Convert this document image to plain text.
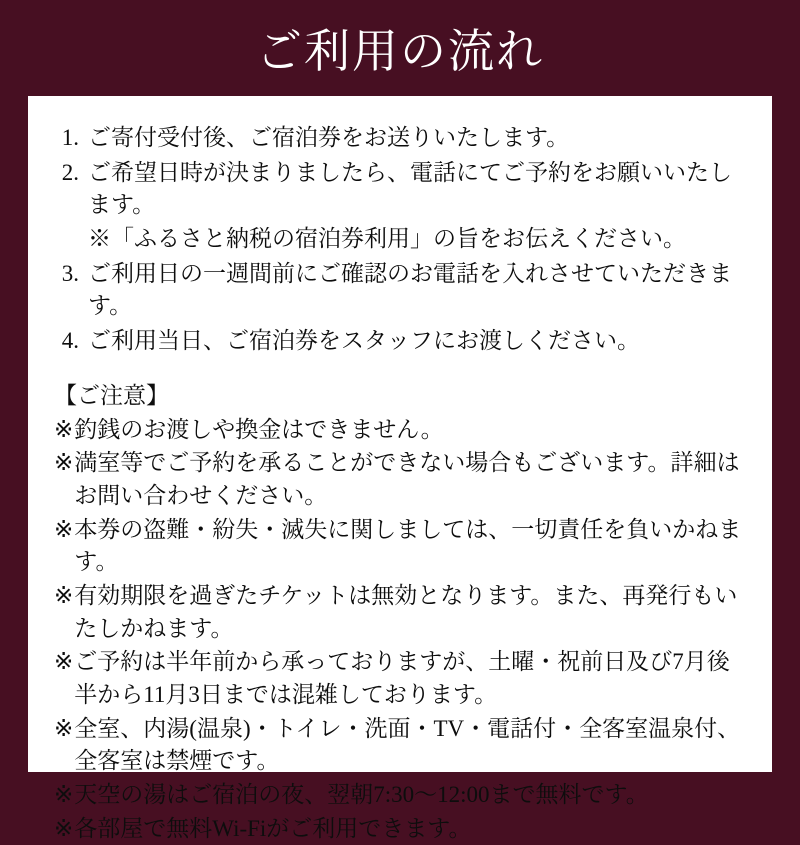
ご利用の流れ
1. ご寄付受付後、ご宿泊券をお送りいたします。
2. ご希望日時が決まりましたら、電話にてご予約をお願いいたします。
※「ふるさと納税の宿泊券利用」の旨をお伝えください。
3. ご利用日の一週間前にご確認のお電話を入れさせていただきます。
4. ご利用当日、ご宿泊券をスタッフにお渡しください。
【ご注意】
※ 釣銭のお渡しや換金はできません。
※ 満室等でご予約を承ることができない場合もございます。詳細はお問い合わせください。
※ 本券の盗難・紛失・滅失に関しましては、一切責任を負いかねます。
※ 有効期限を過ぎたチケットは無効となります。また、再発行もいたしかねます。
※ ご予約は半年前から承っておりますが、土曜・祝前日及び7月後半から11月3日までは混雑しております。
※ 全室、内湯(温泉)・トイレ・洗面・TV・電話付・全客室温泉付、全客室は禁煙です。
※ 天空の湯はご宿泊の夜、翌朝7:30〜12:00まで無料です。
※ 各部屋で無料Wi-Fiがご利用できます。
